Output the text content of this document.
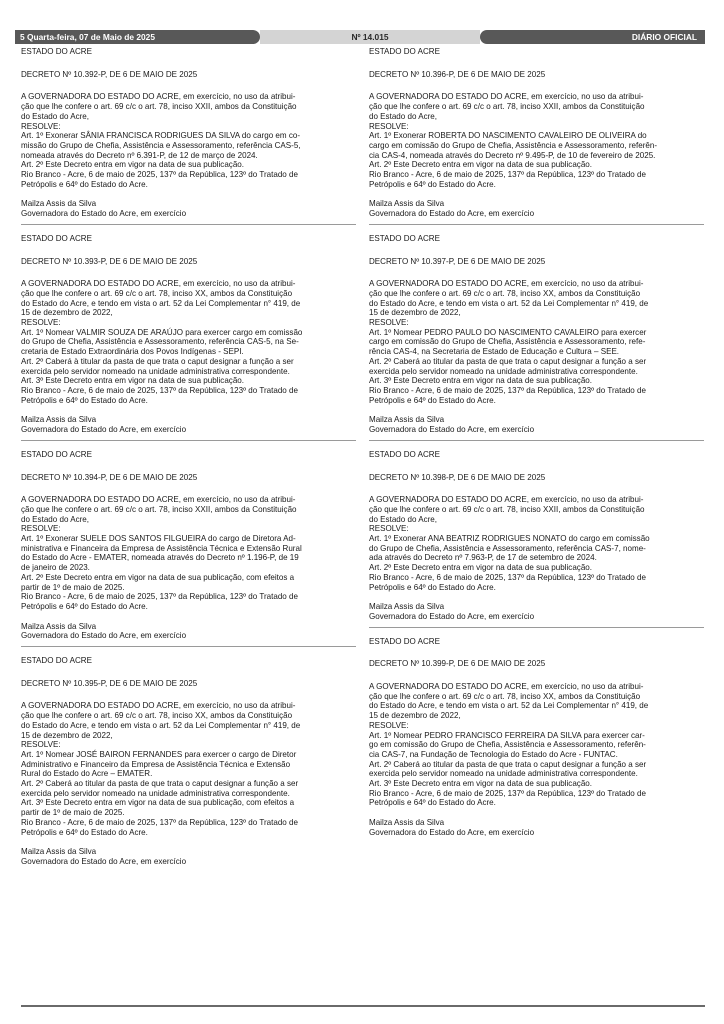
5 Quarta-feira, 07 de Maio de 2025	Nº 14.015	DIÁRIO OFICIAL

ESTADO DO ACRE

DECRETO Nº 10.392-P, DE 6 DE MAIO DE 2025

A GOVERNADORA DO ESTADO DO ACRE, em exercício, no uso da atribui-

ção que lhe confere o art. 69 c/c o art. 78, inciso XXII, ambos da Constituição

do Estado do Acre,

RESOLVE:

Art. 1º Exonerar SÂNIA FRANCISCA RODRIGUES DA SILVA do cargo em co-

missão do Grupo de Chefia, Assistência e Assessoramento, referência CAS-5,

nomeada através do Decreto nº 6.391-P, de 12 de março de 2024.

Art. 2º Este Decreto entra em vigor na data de sua publicação.

Rio Branco - Acre, 6 de maio de 2025, 137º da República, 123º do Tratado de

Petrópolis e 64º do Estado do Acre.

Mailza Assis da Silva

Governadora do Estado do Acre, em exercício

ESTADO DO ACRE

DECRETO Nº 10.393-P, DE 6 DE MAIO DE 2025

A GOVERNADORA DO ESTADO DO ACRE, em exercício, no uso da atribui-

ção que lhe confere o art. 69 c/c o art. 78, inciso XX, ambos da Constituição

do Estado do Acre, e tendo em vista o art. 52 da Lei Complementar n° 419, de

15 de dezembro de 2022,

RESOLVE:

Art. 1º Nomear VALMIR SOUZA DE ARAÚJO para exercer cargo em comissão

do Grupo de Chefia, Assistência e Assessoramento, referência CAS-5, na Se-

cretaria de Estado Extraordinária dos Povos Indígenas - SEPI.

Art. 2º Caberá à titular da pasta de que trata o caput designar a função a ser

exercida pelo servidor nomeado na unidade administrativa correspondente.

Art. 3º Este Decreto entra em vigor na data de sua publicação.

Rio Branco - Acre, 6 de maio de 2025, 137º da República, 123º do Tratado de

Petrópolis e 64º do Estado do Acre.

Mailza Assis da Silva

Governadora do Estado do Acre, em exercício

ESTADO DO ACRE

DECRETO Nº 10.394-P, DE 6 DE MAIO DE 2025

A GOVERNADORA DO ESTADO DO ACRE, em exercício, no uso da atribui-

ção que lhe confere o art. 69 c/c o art. 78, inciso XXII, ambos da Constituição

do Estado do Acre,

RESOLVE:

Art. 1º Exonerar SUELE DOS SANTOS FILGUEIRA do cargo de Diretora Ad-

ministrativa e Financeira da Empresa de Assistência Técnica e Extensão Rural

do Estado do Acre - EMATER, nomeada através do Decreto nº 1.196-P, de 19

de janeiro de 2023.

Art. 2º Este Decreto entra em vigor na data de sua publicação, com efeitos a

partir de 1º de maio de 2025.

Rio Branco - Acre, 6 de maio de 2025, 137º da República, 123º do Tratado de

Petrópolis e 64º do Estado do Acre.

Mailza Assis da Silva

Governadora do Estado do Acre, em exercício

ESTADO DO ACRE

DECRETO Nº 10.395-P, DE 6 DE MAIO DE 2025

A GOVERNADORA DO ESTADO DO ACRE, em exercício, no uso da atribui-

ção que lhe confere o art. 69 c/c o art. 78, inciso XX, ambos da Constituição

do Estado do Acre, e tendo em vista o art. 52 da Lei Complementar n° 419, de

15 de dezembro de 2022,

RESOLVE:

Art. 1º Nomear JOSÉ BAIRON FERNANDES para exercer o cargo de Diretor

Administrativo e Financeiro da Empresa de Assistência Técnica e Extensão

Rural do Estado do Acre – EMATER.

Art. 2º Caberá ao titular da pasta de que trata o caput designar a função a ser

exercida pelo servidor nomeado na unidade administrativa correspondente.

Art. 3º Este Decreto entra em vigor na data de sua publicação, com efeitos a

partir de 1º de maio de 2025.

Rio Branco - Acre, 6 de maio de 2025, 137º da República, 123º do Tratado de

Petrópolis e 64º do Estado do Acre.

Mailza Assis da Silva

Governadora do Estado do Acre, em exercício

ESTADO DO ACRE

DECRETO Nº 10.396-P, DE 6 DE MAIO DE 2025

A GOVERNADORA DO ESTADO DO ACRE, em exercício, no uso da atribui-

ção que lhe confere o art. 69 c/c o art. 78, inciso XXII, ambos da Constituição

do Estado do Acre,

RESOLVE:

Art. 1º Exonerar ROBERTA DO NASCIMENTO CAVALEIRO DE OLIVEIRA do

cargo em comissão do Grupo de Chefia, Assistência e Assessoramento, referên-

cia CAS-4, nomeada através do Decreto nº 9.495-P, de 10 de fevereiro de 2025.

Art. 2º Este Decreto entra em vigor na data de sua publicação.

Rio Branco - Acre, 6 de maio de 2025, 137º da República, 123º do Tratado de

Petrópolis e 64º do Estado do Acre.

Mailza Assis da Silva

Governadora do Estado do Acre, em exercício

ESTADO DO ACRE

DECRETO Nº 10.397-P, DE 6 DE MAIO DE 2025

A GOVERNADORA DO ESTADO DO ACRE, em exercício, no uso da atribui-

ção que lhe confere o art. 69 c/c o art. 78, inciso XX, ambos da Constituição

do Estado do Acre, e tendo em vista o art. 52 da Lei Complementar n° 419, de

15 de dezembro de 2022,

RESOLVE:

Art. 1º Nomear PEDRO PAULO DO NASCIMENTO CAVALEIRO para exercer

cargo em comissão do Grupo de Chefia, Assistência e Assessoramento, refe-

rência CAS-4, na Secretaria de Estado de Educação e Cultura – SEE.

Art. 2º Caberá ao titular da pasta de que trata o caput designar a função a ser

exercida pelo servidor nomeado na unidade administrativa correspondente.

Art. 3º Este Decreto entra em vigor na data de sua publicação.

Rio Branco - Acre, 6 de maio de 2025, 137º da República, 123º do Tratado de

Petrópolis e 64º do Estado do Acre.

Mailza Assis da Silva

Governadora do Estado do Acre, em exercício

ESTADO DO ACRE

DECRETO Nº 10.398-P, DE 6 DE MAIO DE 2025

A GOVERNADORA DO ESTADO DO ACRE, em exercício, no uso da atribui-

ção que lhe confere o art. 69 c/c o art. 78, inciso XXII, ambos da Constituição

do Estado do Acre,

RESOLVE:

Art. 1º Exonerar ANA BEATRIZ RODRIGUES NONATO do cargo em comissão

do Grupo de Chefia, Assistência e Assessoramento, referência CAS-7, nome-

ada através do Decreto nº 7.963-P, de 17 de setembro de 2024.

Art. 2º Este Decreto entra em vigor na data de sua publicação.

Rio Branco - Acre, 6 de maio de 2025, 137º da República, 123º do Tratado de

Petrópolis e 64º do Estado do Acre.

Mailza Assis da Silva

Governadora do Estado do Acre, em exercício

ESTADO DO ACRE

DECRETO Nº 10.399-P, DE 6 DE MAIO DE 2025

A GOVERNADORA DO ESTADO DO ACRE, em exercício, no uso da atribui-

ção que lhe confere o art. 69 c/c o art. 78, inciso XX, ambos da Constituição

do Estado do Acre, e tendo em vista o art. 52 da Lei Complementar n° 419, de

15 de dezembro de 2022,

RESOLVE:

Art. 1º Nomear PEDRO FRANCISCO FERREIRA DA SILVA para exercer car-

go em comissão do Grupo de Chefia, Assistência e Assessoramento, referên-

cia CAS-7, na Fundação de Tecnologia do Estado do Acre - FUNTAC.

Art. 2º Caberá ao titular da pasta de que trata o caput designar a função a ser

exercida pelo servidor nomeado na unidade administrativa correspondente.

Art. 3º Este Decreto entra em vigor na data de sua publicação.

Rio Branco - Acre, 6 de maio de 2025, 137º da República, 123º do Tratado de

Petrópolis e 64º do Estado do Acre.

Mailza Assis da Silva

Governadora do Estado do Acre, em exercício
